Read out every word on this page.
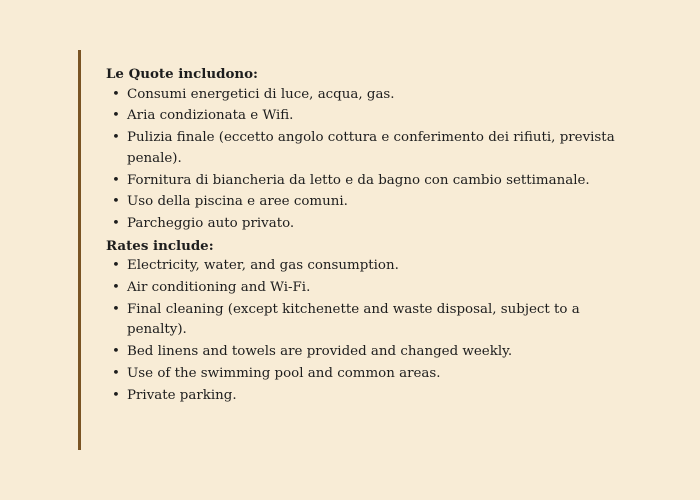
Le Quote includono:

• Consumi energetici di luce, acqua, gas.
• Aria condizionata e Wifi.
• Pulizia finale (eccetto angolo cottura e conferimento dei rifiuti, prevista penale).
• Fornitura di biancheria da letto e da bagno con cambio settimanale.
• Uso della piscina e aree comuni.
• Parcheggio auto privato.

Rates include:

• Electricity, water, and gas consumption.
• Air conditioning and Wi-Fi.
• Final cleaning (except kitchenette and waste disposal, subject to a penalty).
• Bed linens and towels are provided and changed weekly.
• Use of the swimming pool and common areas.
• Private parking.
